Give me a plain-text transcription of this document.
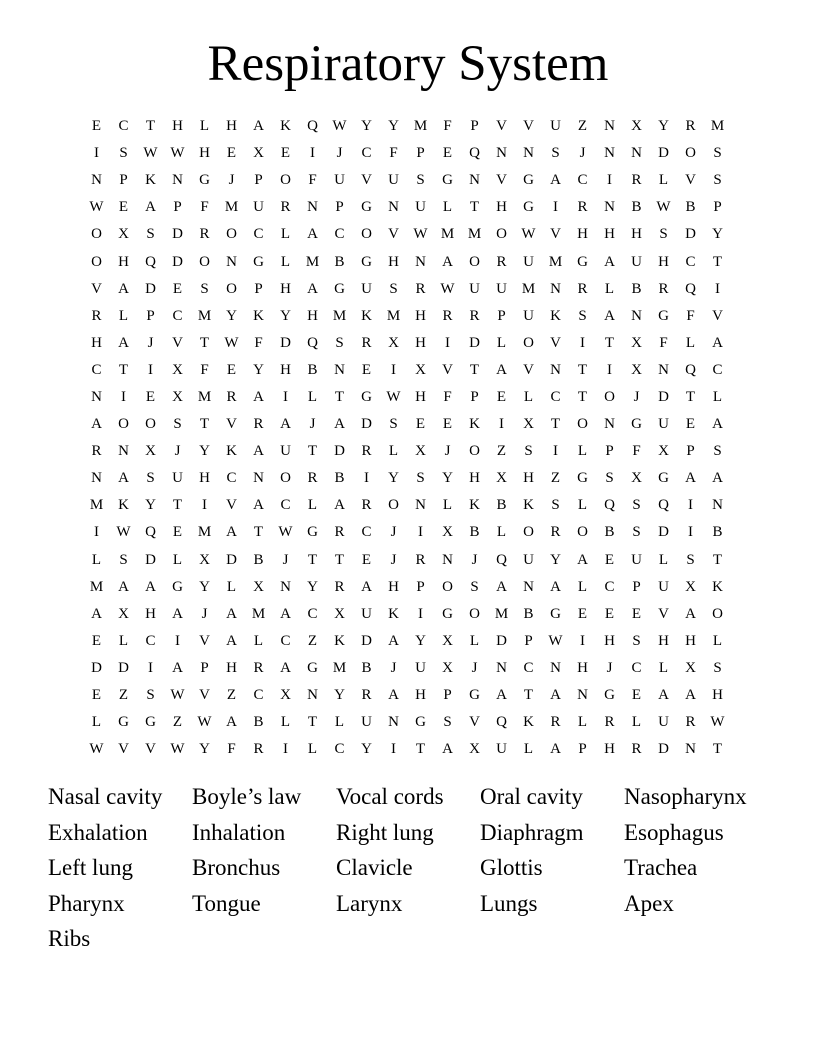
Respiratory System
E	C	T	H	L	H	A	K	Q W Y	Y M	F	P	V	V	U	Z	N	X	Y	R	M
I	S	W W H	E	X	E	I	J	C	F	P	E	Q	N	N	S	J	N	N	D	O	S
N	P	K	N	G	J	P	O	F	U	V	U	S	G	N	V	G	A	C	I	R	L	V	S
W	E	A	P	F	M U	R	N	P	G	N	U	L	T	H	G	I	R	N	B W B	P
O	X	S	D	R	O	C	L	A	C	O	V W M M O W V	H	H	H	S	D	Y
O	H	Q	D	O	N	G	L	M	B	G	H	N	A	O	R	U M G	A	U	H	C	T
V	A	D	E	S	O	P	H	A	G	U	S	R W U	U M N	R	L	B	R	Q	I
R	L	P	C	M Y	K	Y	H M K M H	R	R	P	U	K	S	A	N	G	F	V
H	A	J	V	T	W	F	D	Q	S	R	X	H	I	D	L	O	V	I	T	X	F	L	A
C	T	I	X	F	E	Y	H	B	N	E	I	X	V	T	A	V	N	T	I	X	N	Q	C
N	I	E	X M	R	A	I	L	T	G W H	F	P	E	L	C	T	O	J	D	T	L
A	O	O	S	T	V	R	A	J	A	D	S	E	E	K	I	X	T	O	N	G	U	E	A
R	N	X	J	Y	K	A	U	T	D	R	L	X	J	O	Z	S	I	L	P	F	X	P	S
N	A	S	U	H	C	N	O	R	B	I	Y	S	Y	H	X	H	Z	G	S	X	G	A	A
M K	Y	T	I	V	A	C	L	A	R	O	N	L	K	B	K	S	L	Q	S	Q	I	N
I	W Q	E	M A	T	W G	R	C	J	I	X	B	L	O	R	O	B	S	D	I	B
L	S	D	L	X	D	B	J	T	T	E	J	R	N	J	Q	U	Y	A	E	U	L	S	T
M A	A	G	Y	L	X	N	Y	R	A	H	P	O	S	A	N	A	L	C	P	U	X	K
A	X	H	A	J	A M A	C	X	U	K	I	G	O M	B	G	E	E	E	V	A	O
E	L	C	I	V	A	L	C	Z	K	D	A	Y	X	L	D	P	W	I	H	S	H	H	L
D	D	I	A	P	H	R	A	G M	B	J	U	X	J	N	C	N	H	J	C	L	X	S
E	Z	S	W V	Z	C	X	N	Y	R	A	H	P	G	A	T	A	N	G	E	A	A	H
L	G	G	Z	W A	B	L	T	L	U	N	G	S	V	Q	K	R	L	R	L	U	R W
W V	V W Y	F	R	I	L	C	Y	I	T	A	X	U	L	A	P	H	R	D	N	T
Nasal cavity	Boyle’s law	Vocal cords	Oral cavity	Nasopharynx
Exhalation	Inhalation	Right lung	Diaphragm	Esophagus
Left lung	Bronchus	Clavicle	Glottis	Trachea
Pharynx	Tongue	Larynx	Lungs	Apex
Ribs
